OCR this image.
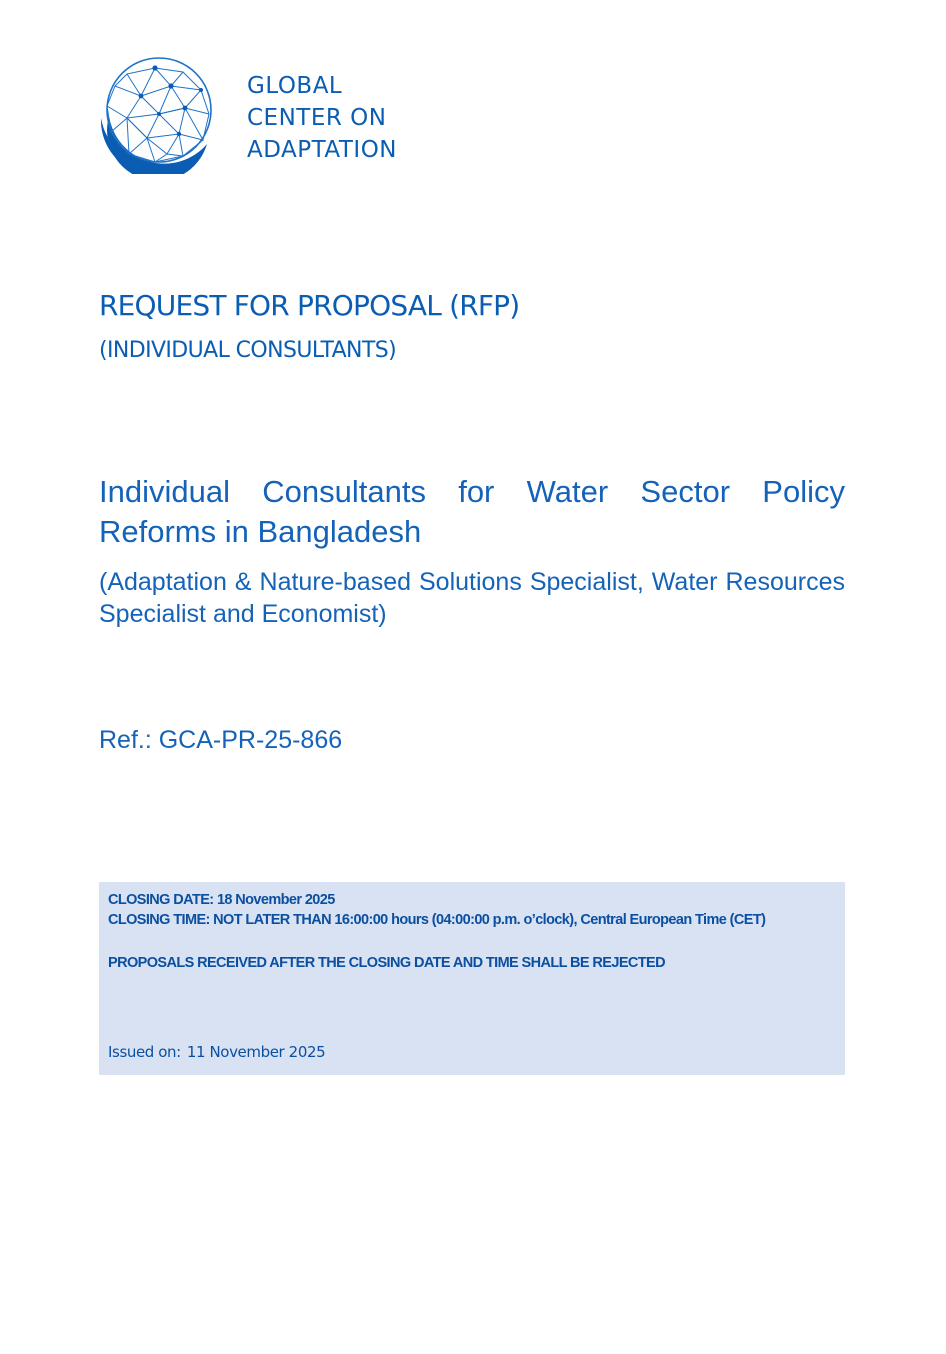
GLOBAL
CENTER ON
ADAPTATION
REQUEST FOR PROPOSAL (RFP)
(INDIVIDUAL CONSULTANTS)
Individual Consultants for Water Sector Policy Reforms in Bangladesh
(Adaptation & Nature-based Solutions Specialist, Water Resources Specialist and Economist)
Ref.: GCA-PR-25-866
CLOSING DATE: 18 November 2025
CLOSING TIME: NOT LATER THAN 16:00:00 hours (04:00:00 p.m. o’clock), Central European Time (CET)
PROPOSALS RECEIVED AFTER THE CLOSING DATE AND TIME SHALL BE REJECTED
Issued on: 11 November 2025
